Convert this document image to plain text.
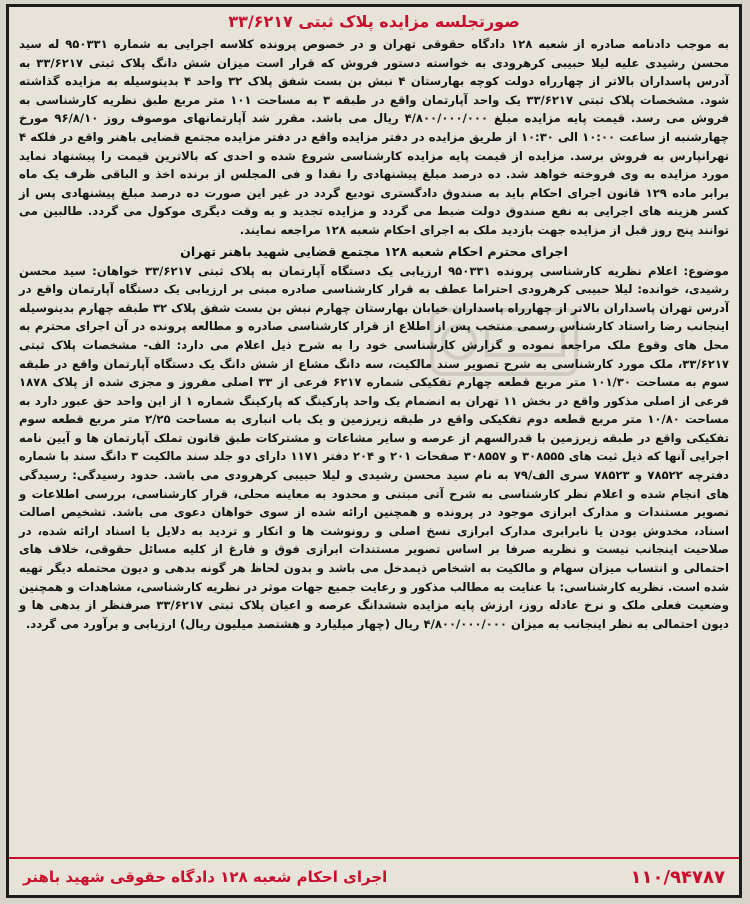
صورتجلسه مزایده پلاک ثبتی ۳۳/۶۲۱۷

به موجب دادنامه صادره از شعبه ۱۲۸ دادگاه حقوقی تهران و در خصوص پرونده کلاسه اجرایی به شماره ۹۵۰۳۳۱ له سید محسن رشیدی علیه لیلا حبیبی کرهرودی به خواسته دستور فروش که قرار است میزان شش دانگ پلاک ثبتی ۳۳/۶۲۱۷ به آدرس پاسداران بالاتر از چهارراه دولت کوچه بهارستان ۴ نبش بن بست شفق پلاک ۳۲ واحد ۴ بدینوسیله به مزایده گذاشته شود. مشخصات پلاک ثبتی ۳۳/۶۲۱۷ یک واحد آپارتمان واقع در طبقه ۳ به مساحت ۱۰۱ متر مربع طبق نظریه کارشناسی به فروش می رسد. قیمت پایه مزایده مبلغ ۴/۸۰۰/۰۰۰/۰۰۰ ریال می باشد. مقرر شد آپارتمانهای موصوف روز ۹۶/۸/۱۰ مورخ چهارشنبه از ساعت ۱۰:۰۰ الی ۱۰:۳۰ از طریق مزایده در دفتر مزایده واقع در دفتر مزایده مجتمع قضایی باهنر واقع در فلکه ۴ تهرانپارس به فروش برسد. مزایده از قیمت پایه مزایده کارشناسی شروع شده و احدی که بالاترین قیمت را پیشنهاد نماید مورد مزایده به وی فروخته خواهد شد. ده درصد مبلغ پیشنهادی را نقدا و فی المجلس از برنده اخذ و الباقی ظرف یک ماه برابر ماده ۱۲۹ قانون اجرای احکام باید به صندوق دادگستری تودیع گردد در غیر این صورت ده درصد مبلغ پیشنهادی پس از کسر هزینه های اجرایی به نفع صندوق دولت ضبط می گردد و مزایده تجدید و به وقت دیگری موکول می گردد. طالبین می توانند پنج روز قبل از مزایده جهت بازدید ملک به اجرای احکام شعبه ۱۲۸ مراجعه نمایند.

اجرای محترم احکام شعبه ۱۲۸ مجتمع قضایی شهید باهنر تهران

موضوع: اعلام نظریه کارشناسی پرونده ۹۵۰۳۳۱ ارزیابی یک دستگاه آپارتمان به پلاک ثبتی ۳۳/۶۲۱۷ خواهان: سید محسن رشیدی، خوانده: لیلا حبیبی کرهرودی احتراما عطف به قرار کارشناسی صادره مبنی بر ارزیابی یک دستگاه آپارتمان واقع در آدرس تهران پاسداران بالاتر از چهارراه پاسداران خیابان بهارستان چهارم نبش بن بست شفق پلاک ۳۲ طبقه چهارم بدینوسیله اینجانب رضا راستاد کارشناس رسمی منتخب پس از اطلاع از قرار کارشناسی صادره و مطالعه پرونده در آن اجرای محترم به محل های وقوع ملک مراجعه نموده و گزارش کارشناسی خود را به شرح ذیل اعلام می دارد: الف- مشخصات پلاک ثبتی ۳۳/۶۲۱۷، ملک مورد کارشناسی به شرح تصویر سند مالکیت، سه دانگ مشاع از شش دانگ یک دستگاه آپارتمان واقع در طبقه سوم به مساحت ۱۰۱/۳۰ متر مربع قطعه چهارم تفکیکی شماره ۶۲۱۷ فرعی از ۳۳ اصلی مفروز و مجزی شده از پلاک ۱۸۷۸ فرعی از اصلی مذکور واقع در بخش ۱۱ تهران به انضمام یک واحد پارکینگ که پارکینگ شماره ۱ از این واحد حق عبور دارد به مساحت ۱۰/۸۰ متر مربع قطعه دوم تفکیکی واقع در طبقه زیرزمین و یک باب انباری به مساحت ۲/۲۵ متر مربع قطعه سوم تفکیکی واقع در طبقه زیرزمین با قدرالسهم از عرصه و سایر مشاعات و مشترکات طبق قانون تملک آپارتمان ها و آیین نامه اجرایی آنها که ذیل ثبت های ۳۰۸۵۵۵ و ۳۰۸۵۵۷ صفحات ۲۰۱ و ۲۰۴ دفتر ۱۱۷۱ دارای دو جلد سند مالکیت ۳ دانگ سند با شماره دفترچه ۷۸۵۲۲ و ۷۸۵۲۳ سری الف/۷۹ به نام سید محسن رشیدی و لیلا حبیبی کرهرودی می باشد. حدود رسیدگی: رسیدگی های انجام شده و اعلام نظر کارشناسی به شرح آتی مبتنی و محدود به معاینه محلی، قرار کارشناسی، بررسی اطلاعات و تصویر مستندات و مدارک ابرازی موجود در پرونده و همچنین ارائه شده از سوی خواهان دعوی می باشد. تشخیص اصالت اسناد، مخدوش بودن یا نابرابری مدارک ابرازی نسخ اصلی و رونوشت ها و انکار و تردید به دلایل یا اسناد ارائه شده، در صلاحیت اینجانب نیست و نظریه صرفا بر اساس تصویر مستندات ابرازی فوق و فارغ از کلیه مسائل حقوقی، خلاف های احتمالی و انتساب میزان سهام و مالکیت به اشخاص ذیمدخل می باشد و بدون لحاظ هر گونه بدهی و دیون محتمله دیگر تهیه شده است. نظریه کارشناسی: با عنایت به مطالب مذکور و رعایت جمیع جهات موثر در نظریه کارشناسی، مشاهدات و همچنین وضعیت فعلی ملک و نرخ عادله روز، ارزش پایه مزایده ششدانگ عرصه و اعیان پلاک ثبتی ۳۳/۶۲۱۷ صرفنظر از بدهی ها و دیون احتمالی به نظر اینجانب به میزان ۴/۸۰۰/۰۰۰/۰۰۰ ریال (چهار میلیارد و هشتصد میلیون ریال) ارزیابی و برآورد می گردد.

۱۱۰/۹۴۷۸۷
اجرای احکام شعبه ۱۲۸ دادگاه حقوقی شهید باهنر
